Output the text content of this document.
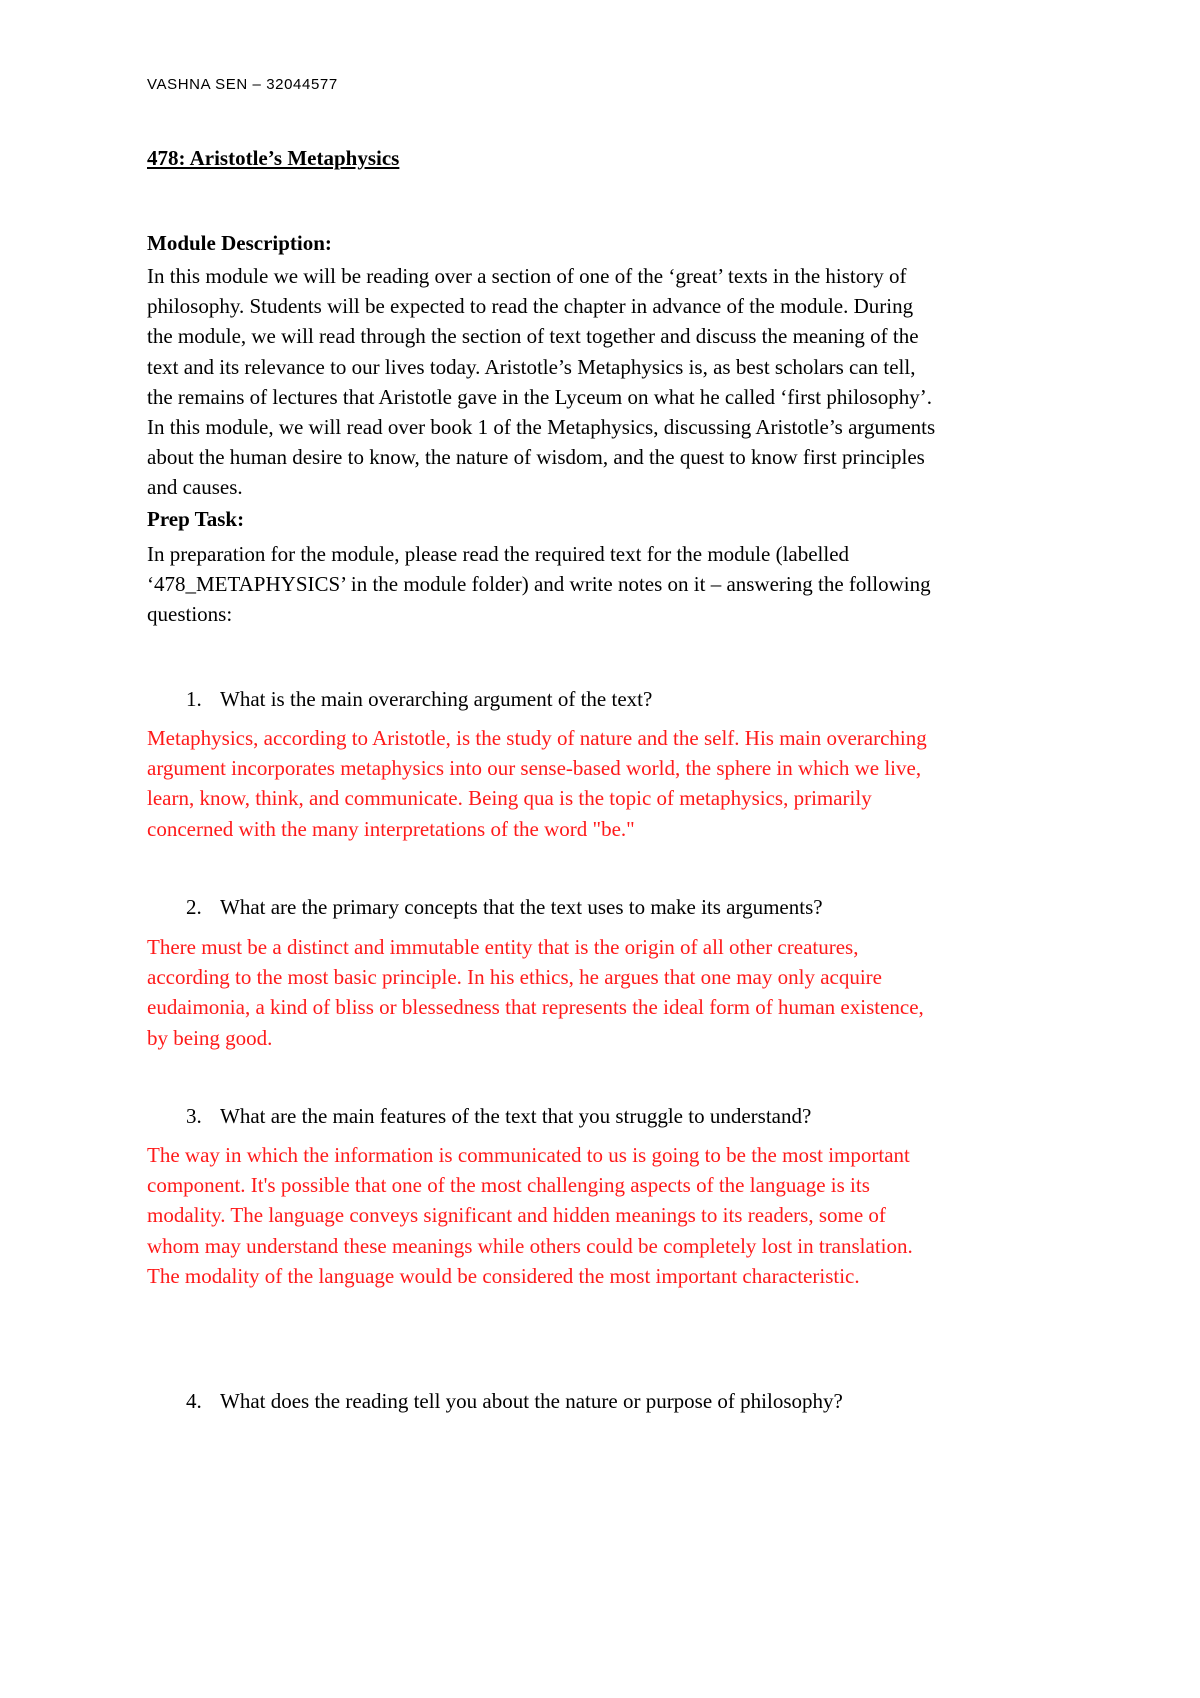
VASHNA SEN – 32044577
478: Aristotle’s Metaphysics
Module Description:
In this module we will be reading over a section of one of the ‘great’ texts in the history of
philosophy. Students will be expected to read the chapter in advance of the module. During
the module, we will read through the section of text together and discuss the meaning of the
text and its relevance to our lives today. Aristotle’s Metaphysics is, as best scholars can tell,
the remains of lectures that Aristotle gave in the Lyceum on what he called ‘first philosophy’.
In this module, we will read over book 1 of the Metaphysics, discussing Aristotle’s arguments
about the human desire to know, the nature of wisdom, and the quest to know first principles
and causes.
Prep Task:
In preparation for the module, please read the required text for the module (labelled
‘478_METAPHYSICS’ in the module folder) and write notes on it – answering the following
questions:
1. What is the main overarching argument of the text?
Metaphysics, according to Aristotle, is the study of nature and the self. His main overarching
argument incorporates metaphysics into our sense-based world, the sphere in which we live,
learn, know, think, and communicate. Being qua is the topic of metaphysics, primarily
concerned with the many interpretations of the word "be."
2. What are the primary concepts that the text uses to make its arguments?
There must be a distinct and immutable entity that is the origin of all other creatures,
according to the most basic principle. In his ethics, he argues that one may only acquire
eudaimonia, a kind of bliss or blessedness that represents the ideal form of human existence,
by being good.
3. What are the main features of the text that you struggle to understand?
The way in which the information is communicated to us is going to be the most important
component. It's possible that one of the most challenging aspects of the language is its
modality. The language conveys significant and hidden meanings to its readers, some of
whom may understand these meanings while others could be completely lost in translation.
The modality of the language would be considered the most important characteristic.
4. What does the reading tell you about the nature or purpose of philosophy?
